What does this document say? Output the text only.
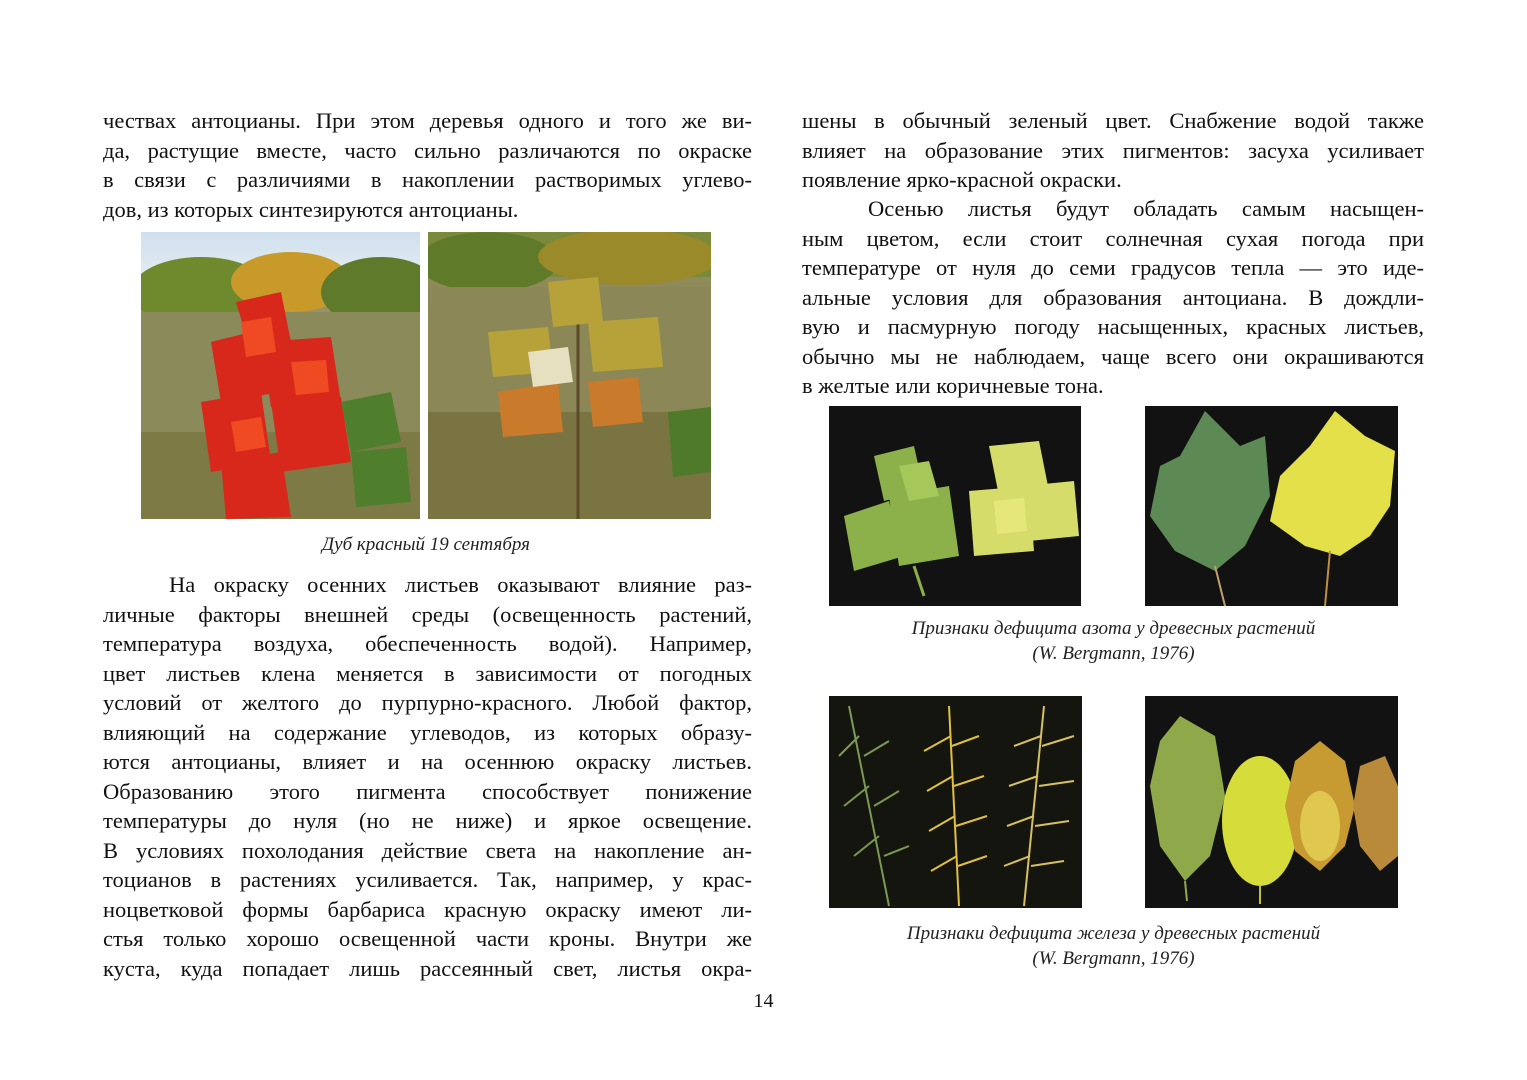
чествах антоцианы. При этом деревья одного и того же ви-
да, растущие вместе, часто сильно различаются по окраске
в связи с различиями в накоплении растворимых углево-
дов, из которых синтезируются антоцианы.
Дуб красный 19 сентября
На окраску осенних листьев оказывают влияние раз-
личные факторы внешней среды (освещенность растений,
температура воздуха, обеспеченность водой). Например,
цвет листьев клена меняется в зависимости от погодных
условий от желтого до пурпурно-красного. Любой фактор,
влияющий на содержание углеводов, из которых образу-
ются антоцианы, влияет и на осеннюю окраску листьев.
Образованию этого пигмента способствует понижение
температуры до нуля (но не ниже) и яркое освещение.
В условиях похолодания действие света на накопление ан-
тоцианов в растениях усиливается. Так, например, у крас-
ноцветковой формы барбариса красную окраску имеют ли-
стья только хорошо освещенной части кроны. Внутри же
куста, куда попадает лишь рассеянный свет, листья окра-
шены в обычный зеленый цвет. Снабжение водой также
влияет на образование этих пигментов: засуха усиливает
появление ярко-красной окраски.
Осенью листья будут обладать самым насыщен-
ным цветом, если стоит солнечная сухая погода при
температуре от нуля до семи градусов тепла — это иде-
альные условия для образования антоциана. В дождли-
вую и пасмурную погоду насыщенных, красных листьев,
обычно мы не наблюдаем, чаще всего они окрашиваются
в желтые или коричневые тона.
Признаки дефицита азота у древесных растений
(W. Bergmann, 1976)
Признаки дефицита железа у древесных растений
(W. Bergmann, 1976)
14
